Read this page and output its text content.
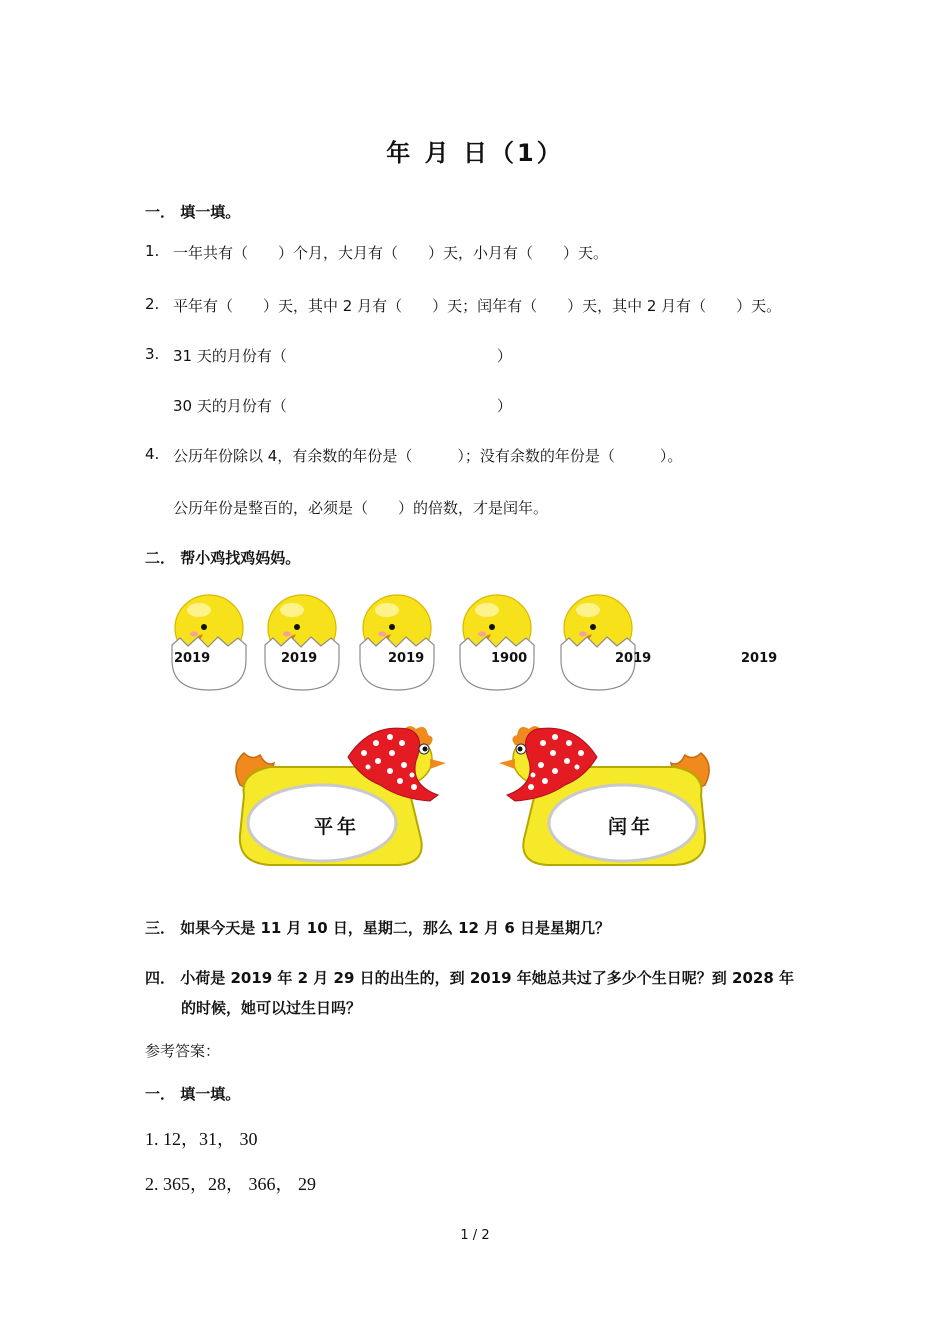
年 月 日（1）
一． 填一填。
1. 一年共有（　　）个月，大月有（　　）天，小月有（　　）天。
2. 平年有（　　）天，其中 2 月有（　　）天；闰年有（　　）天，其中 2 月有（　　）天。
3. 31 天的月份有（　　　　　　　　　　　　　　）
30 天的月份有（　　　　　　　　　　　　　　）
4. 公历年份除以 4，有余数的年份是（　　　）；没有余数的年份是（　　　）。
公历年份是整百的，必须是（　　）的倍数，才是闰年。
二． 帮小鸡找鸡妈妈。
2019	2019	2019	1900	2019	2019
平年	闰年
三． 如果今天是 11 月 10 日，星期二，那么 12 月 6 日是星期几？
四． 小荷是 2019 年 2 月 29 日的出生的，到 2019 年她总共过了多少个生日呢？到 2028 年
的时候，她可以过生日吗？
参考答案：
一． 填一填。
1. 12，31， 30
2. 365，28， 366， 29
1 / 2
